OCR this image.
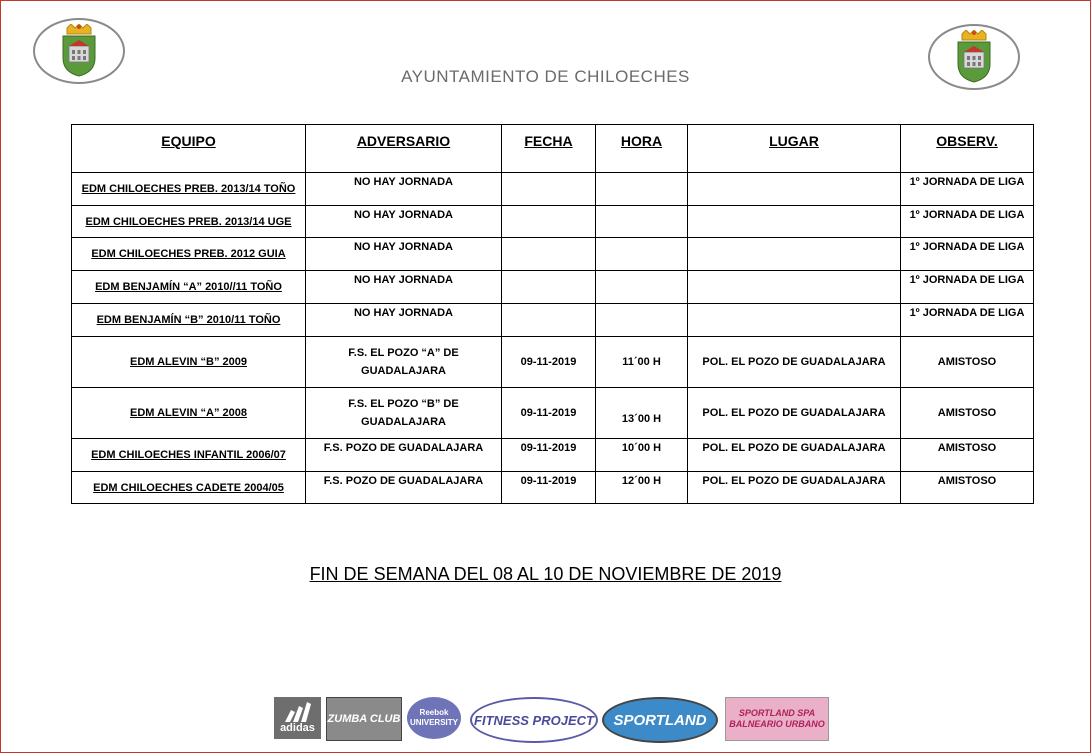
AYUNTAMIENTO DE CHILOECHES
EQUIPO	ADVERSARIO	FECHA	HORA	LUGAR	OBSERV.
EDM CHILOECHES PREB. 2013/14 TOÑO	NO HAY JORNADA				1º JORNADA DE LIGA
EDM CHILOECHES PREB. 2013/14 UGE	NO HAY JORNADA				1º JORNADA DE LIGA
EDM CHILOECHES PREB. 2012 GUIA	NO HAY JORNADA				1º JORNADA DE LIGA
EDM BENJAMÍN “A” 2010//11 TOÑO	NO HAY JORNADA				1º JORNADA DE LIGA
EDM BENJAMÍN “B” 2010/11 TOÑO	NO HAY JORNADA				1º JORNADA DE LIGA
EDM ALEVIN “B” 2009	F.S. EL POZO “A” DE GUADALAJARA	09-11-2019	11´00 H	POL. EL POZO DE GUADALAJARA	AMISTOSO
EDM ALEVIN “A” 2008	F.S. EL POZO “B” DE GUADALAJARA	09-11-2019	13´00 H	POL. EL POZO DE GUADALAJARA	AMISTOSO
EDM CHILOECHES INFANTIL 2006/07	F.S. POZO DE GUADALAJARA	09-11-2019	10´00 H	POL. EL POZO DE GUADALAJARA	AMISTOSO
EDM CHILOECHES CADETE 2004/05	F.S. POZO DE GUADALAJARA	09-11-2019	12´00 H	POL. EL POZO DE GUADALAJARA	AMISTOSO
FIN DE SEMANA DEL 08 AL 10 DE NOVIEMBRE DE 2019
adidas
ZUMBA CLUB
Reebok UNIVERSITY FITNESS PROJECT SPORTLAND	SPORTLAND SPA BALNEARIO URBANO
